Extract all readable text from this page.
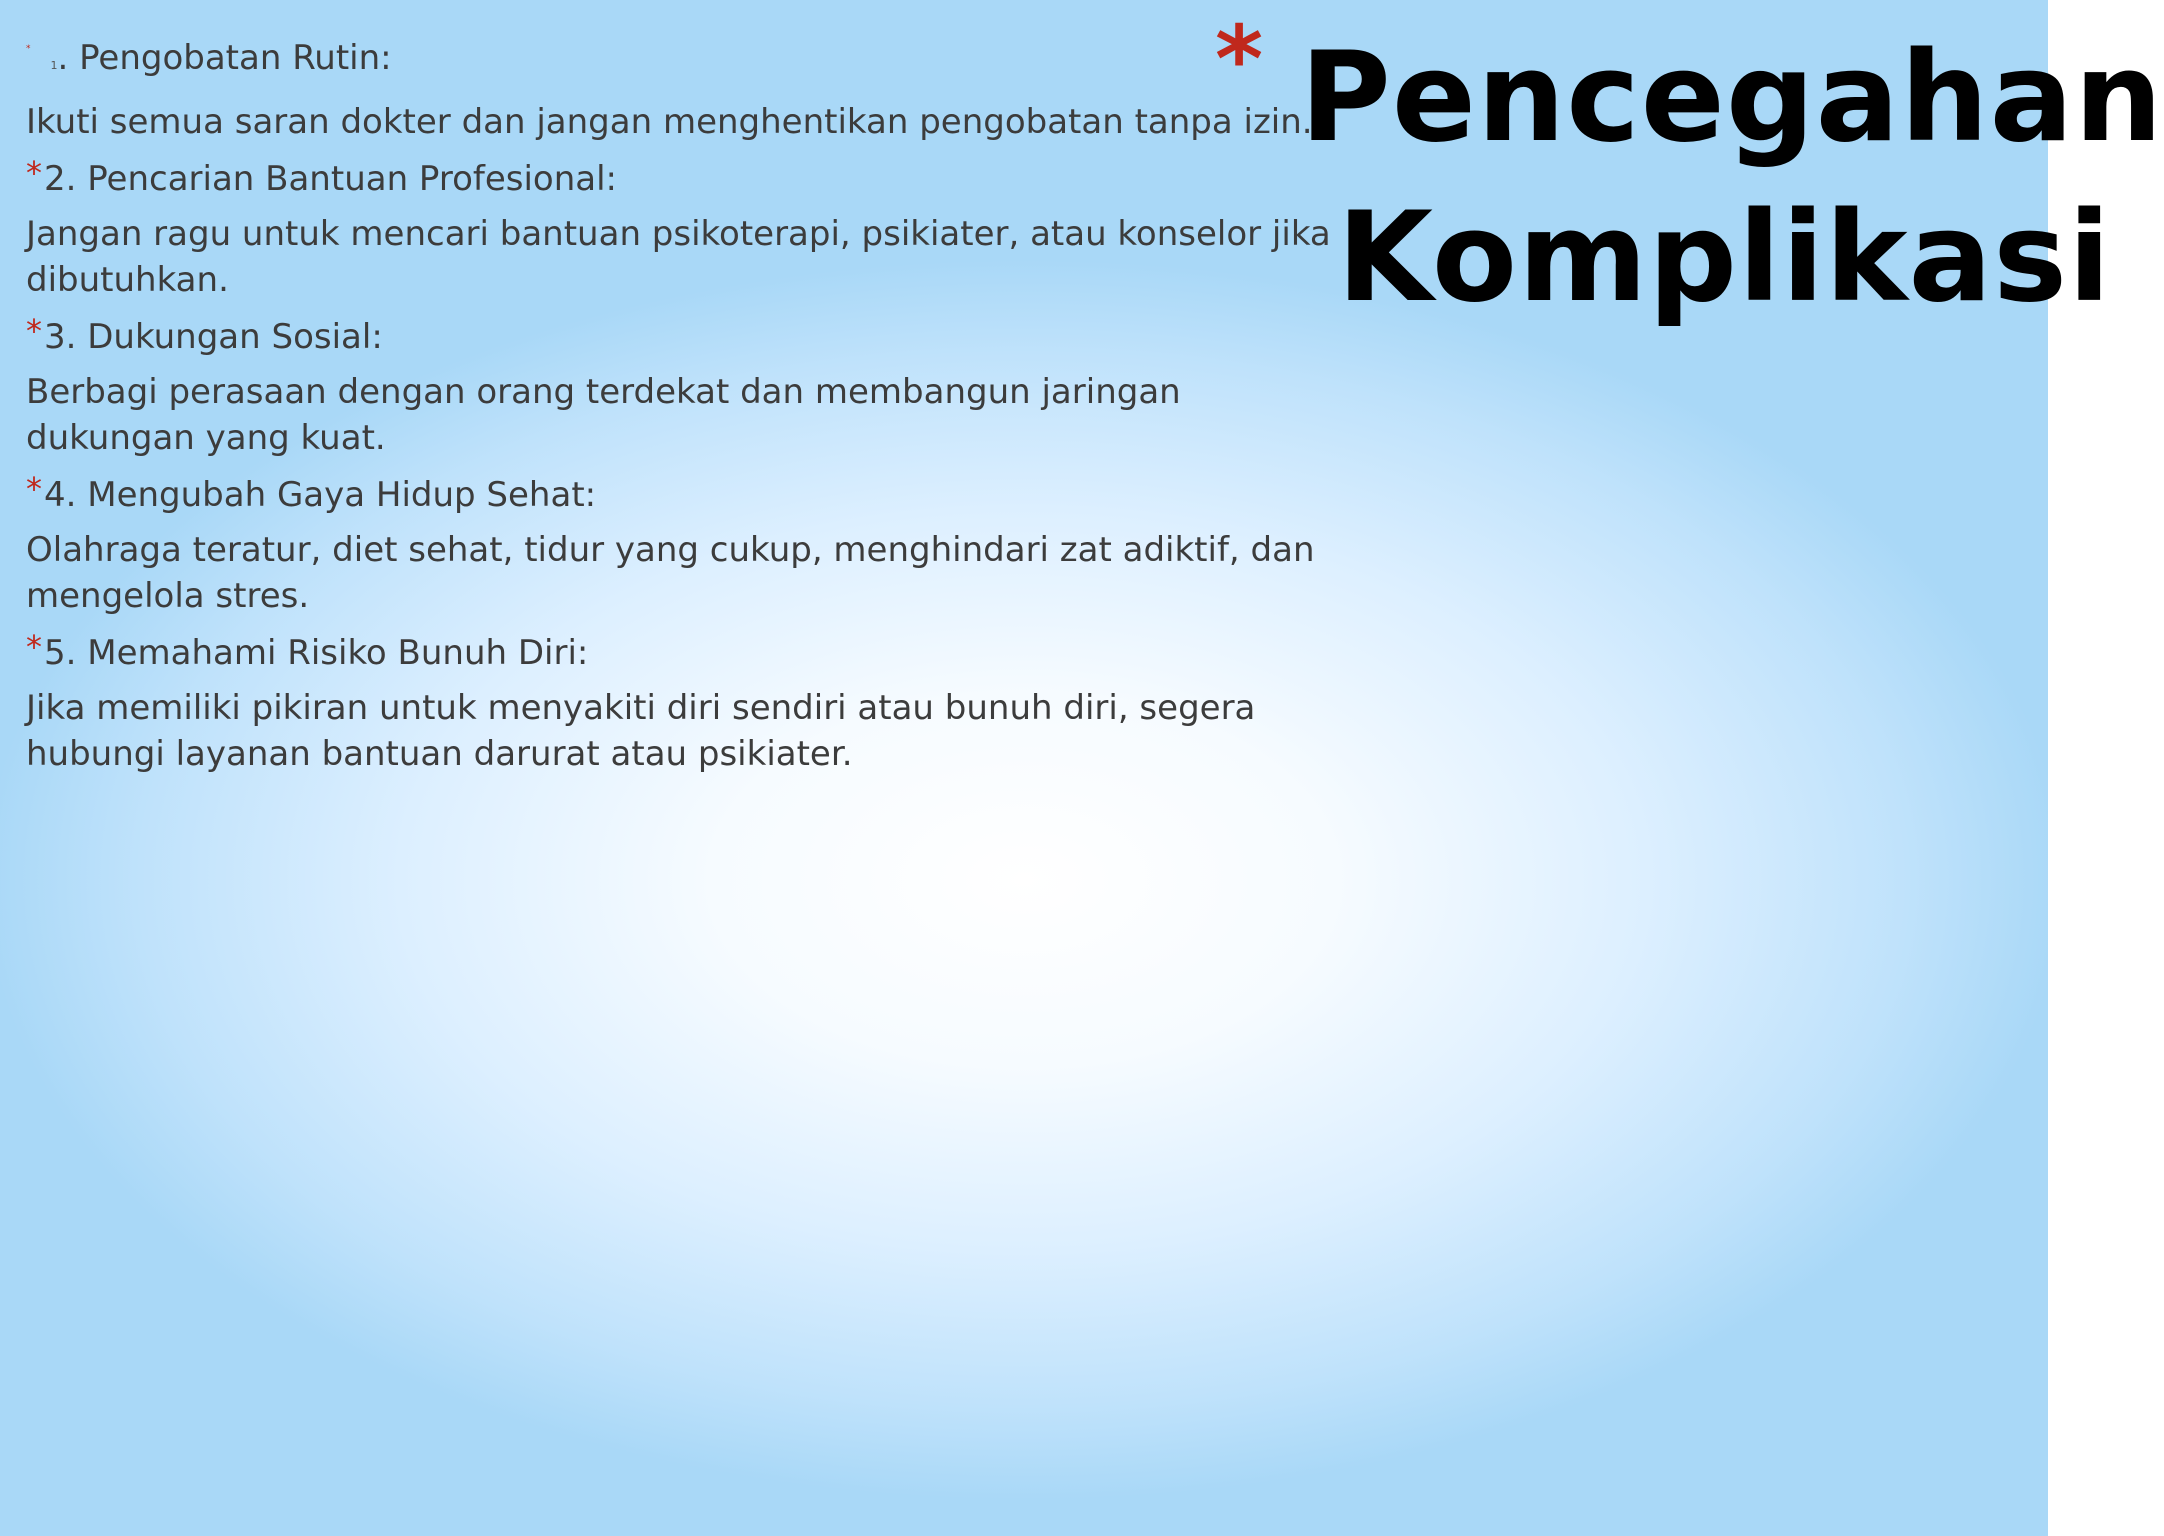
* Pencegahan
Komplikasi
*1. Pengobatan Rutin:
Ikuti semua saran dokter dan jangan menghentikan pengobatan tanpa izin.
*2. Pencarian Bantuan Profesional:
Jangan ragu untuk mencari bantuan psikoterapi, psikiater, atau konselor jika dibutuhkan.
*3. Dukungan Sosial:
Berbagi perasaan dengan orang terdekat dan membangun jaringan dukungan yang kuat.
*4. Mengubah Gaya Hidup Sehat:
Olahraga teratur, diet sehat, tidur yang cukup, menghindari zat adiktif, dan mengelola stres.
*5. Memahami Risiko Bunuh Diri:
Jika memiliki pikiran untuk menyakiti diri sendiri atau bunuh diri, segera hubungi layanan bantuan darurat atau psikiater.
